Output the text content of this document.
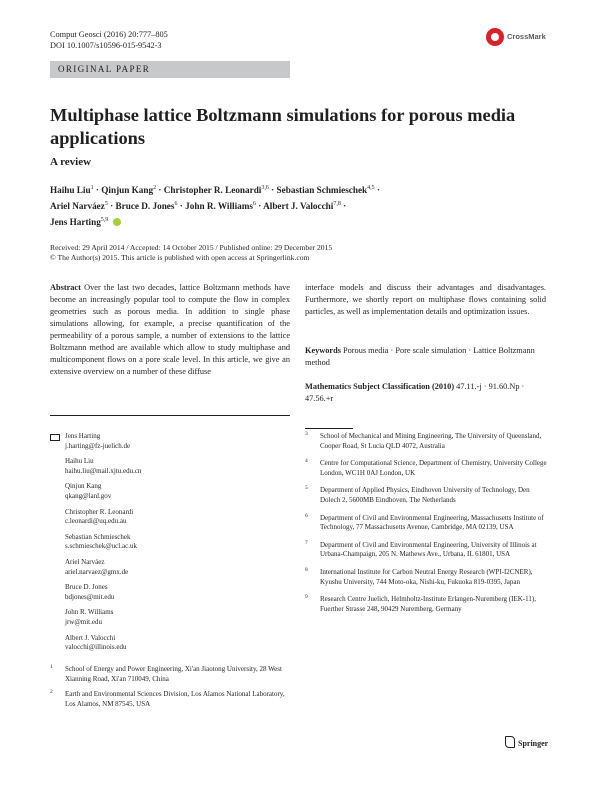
Comput Geosci (2016) 20:777–805
DOI 10.1007/s10596-015-9542-3
CrossMark
ORIGINAL PAPER
Multiphase lattice Boltzmann simulations for porous media applications
A review
Haihu Liu$^1$ · Qinjun Kang$^2$ · Christopher R. Leonardi$^{3,6}$ · Sebastian Schmieschek$^{4,5}$ ·
Ariel Narváez$^5$ · Bruce D. Jones$^6$ · John R. Williams$^6$ · Albert J. Valocchi$^{7,8}$ ·
Jens Harting$^{5,9}$
Received: 29 April 2014 / Accepted: 14 October 2015 / Published online: 29 December 2015
© The Author(s) 2015. This article is published with open access at Springerlink.com
Abstract Over the last two decades, lattice Boltzmann methods have become an increasingly popular tool to compute the flow in complex geometries such as porous media. In addition to single phase simulations allowing, for example, a precise quantification of the permeability of a porous sample, a number of extensions to the lattice Boltzmann method are available which allow to study multiphase and multicomponent flows on a pore scale level. In this article, we give an extensive overview on a number of these diffuse
interface models and discuss their advantages and disadvantages. Furthermore, we shortly report on multiphase flows containing solid particles, as well as implementation details and optimization issues.
Keywords Porous media · Pore scale simulation · Lattice Boltzmann method
Mathematics Subject Classification (2010) 47.11.-j · 91.60.Np · 47.56.+r
Jens Harting
j.harting@fz-juelich.de
Haihu Liu
haihu.liu@mail.xjtu.edu.cn
Qinjun Kang
qkang@lanl.gov
Christopher R. Leonardi
c.leonardi@uq.edu.au
Sebastian Schmieschek
s.schmieschek@ucl.ac.uk
Ariel Narváez
ariel.narvaez@gmx.de
Bruce D. Jones
bdjones@mit.edu
John R. Williams
jrw@mit.edu
Albert J. Valocchi
valocchi@illinois.edu
1 School of Energy and Power Engineering, Xi'an Jiaotong University, 28 West Xianning Road, Xi'an 710049, China
2 Earth and Environmental Sciences Division, Los Alamos National Laboratory, Los Alamos, NM 87545, USA
3 School of Mechanical and Mining Engineering, The University of Queensland, Cooper Road, St Lucia QLD 4072, Australia
4 Centre for Computational Science, Department of Chemistry, University College London, WC1H 0AJ London, UK
5 Department of Applied Physics, Eindhoven University of Technology, Den Dolech 2, 5600MB Eindhoven, The Netherlands
6 Department of Civil and Environmental Engineering, Massachusetts Institute of Technology, 77 Massachusetts Avenue, Cambridge, MA 02139, USA
7 Department of Civil and Environmental Engineering, University of Illinois at Urbana-Champaign, 205 N. Mathews Ave., Urbana, IL 61801, USA
8 International Institute for Carbon Neutral Energy Research (WPI-I2CNER), Kyushu University, 744 Moto-oka, Nishi-ku, Fukuoka 819-0395, Japan
9 Research Centre Juelich, Helmholtz-Institute Erlangen-Nuremberg (IEK-11), Fuerther Strasse 248, 90429 Nuremberg, Germany
Springer
